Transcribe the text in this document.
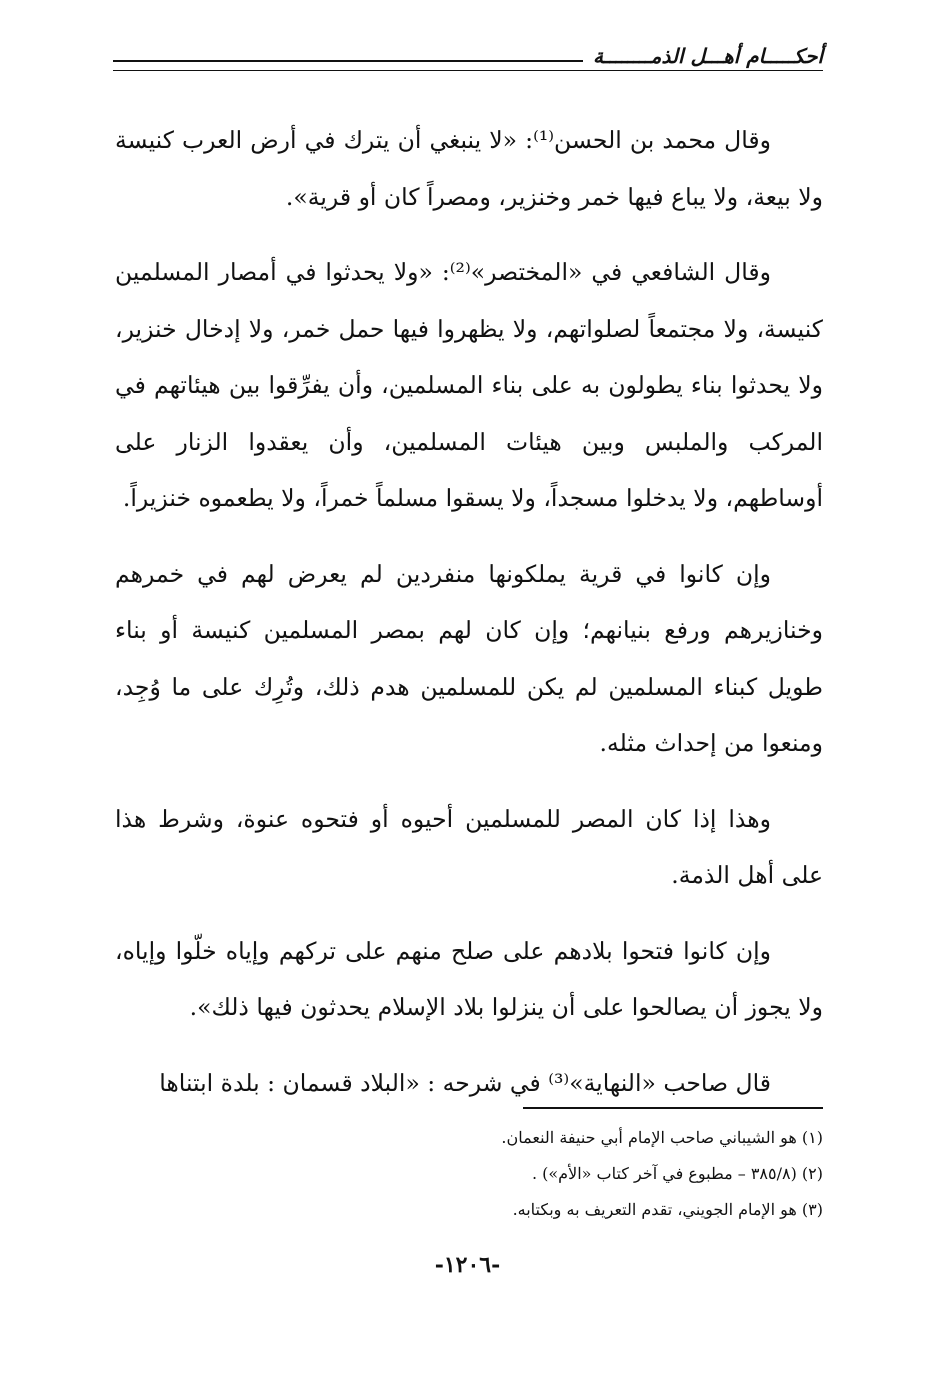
أحكـــــام أهـــل الذمــــــــة

وقال محمد بن الحسن⁽¹⁾: «لا ينبغي أن يترك في أرض العرب كنيسة ولا بيعة، ولا يباع فيها خمر وخنزير، ومصراً كان أو قرية».

وقال الشافعي في «المختصر»⁽²⁾: «ولا يحدثوا في أمصار المسلمين كنيسة، ولا مجتمعاً لصلواتهم، ولا يظهروا فيها حمل خمر، ولا إدخال خنزير، ولا يحدثوا بناء يطولون به على بناء المسلمين، وأن يفرِّقوا بين هيئاتهم في المركب والملبس وبين هيئات المسلمين، وأن يعقدوا الزنار على أوساطهم، ولا يدخلوا مسجداً، ولا يسقوا مسلماً خمراً، ولا يطعموه خنزيراً.

وإن كانوا في قرية يملكونها منفردين لم يعرض لهم في خمرهم وخنازيرهم ورفع بنيانهم؛ وإن كان لهم بمصر المسلمين كنيسة أو بناء طويل كبناء المسلمين لم يكن للمسلمين هدم ذلك، وتُرِك على ما وُجِد، ومنعوا من إحداث مثله.

وهذا إذا كان المصر للمسلمين أحيوه أو فتحوه عنوة، وشرط هذا على أهل الذمة.

وإن كانوا فتحوا بلادهم على صلح منهم على تركهم وإياه خلّوا وإياه، ولا يجوز أن يصالحوا على أن ينزلوا بلاد الإسلام يحدثون فيها ذلك».

قال صاحب «النهاية»⁽³⁾ في شرحه : «البلاد قسمان : بلدة ابتناها

(١) هو الشيباني صاحب الإمام أبي حنيفة النعمان.
(٢) (٣٨٥/٨ – مطبوع في آخر كتاب «الأم») .
(٣) هو الإمام الجويني، تقدم التعريف به وبكتابه.
-١٢٠٦-
